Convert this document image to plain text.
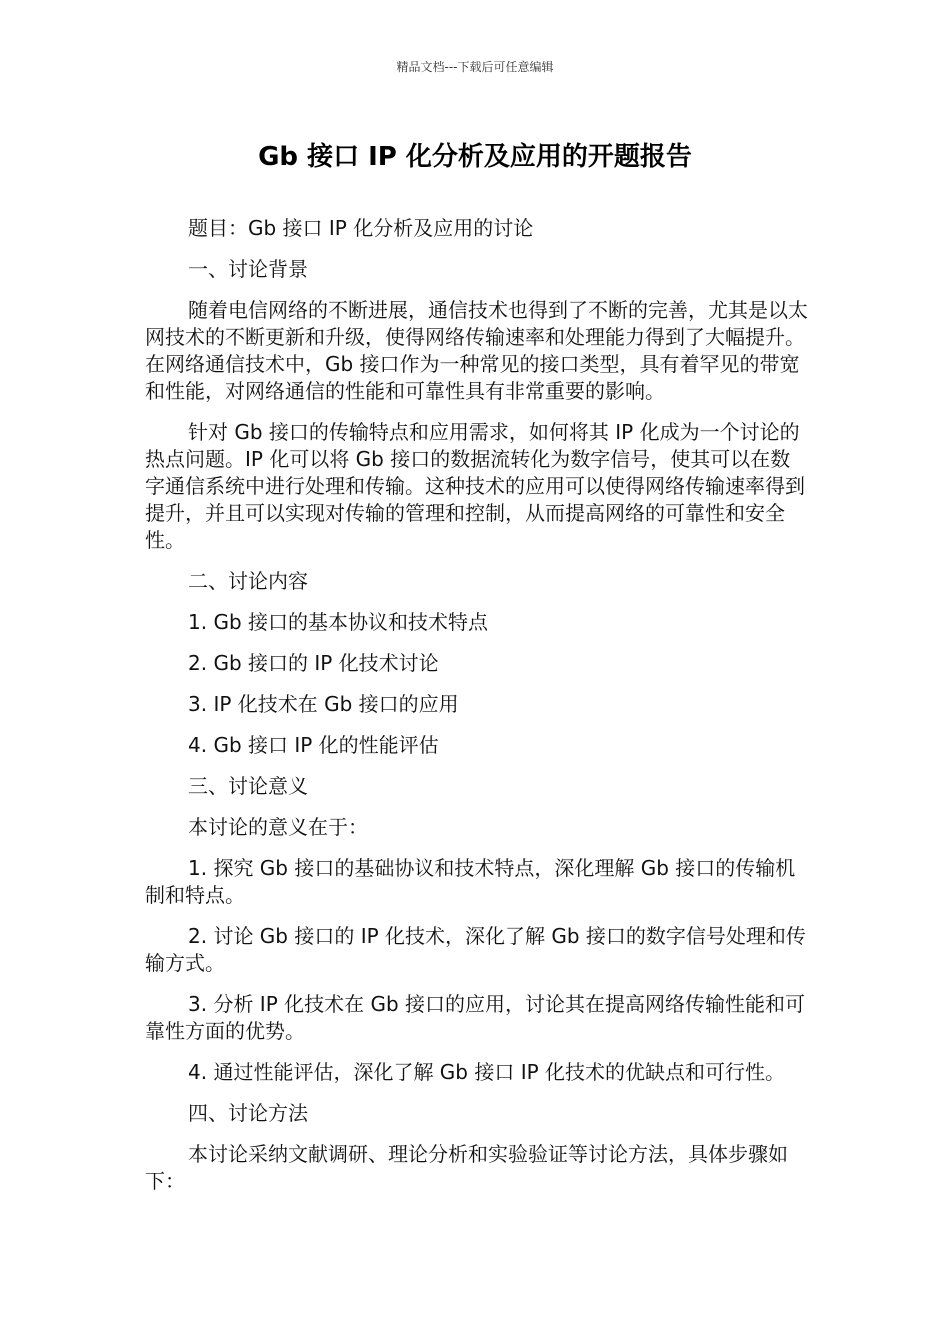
精品文档---下载后可任意编辑
Gb 接口 IP 化分析及应用的开题报告

题目：Gb 接口 IP 化分析及应用的讨论

一、讨论背景

随着电信网络的不断进展，通信技术也得到了不断的完善，尤其是以太网技术的不断更新和升级，使得网络传输速率和处理能力得到了大幅提升。在网络通信技术中，Gb 接口作为一种常见的接口类型，具有着罕见的带宽和性能，对网络通信的性能和可靠性具有非常重要的影响。

针对 Gb 接口的传输特点和应用需求，如何将其 IP 化成为一个讨论的热点问题。IP 化可以将 Gb 接口的数据流转化为数字信号，使其可以在数字通信系统中进行处理和传输。这种技术的应用可以使得网络传输速率得到提升，并且可以实现对传输的管理和控制，从而提高网络的可靠性和安全性。

二、讨论内容

1. Gb 接口的基本协议和技术特点

2. Gb 接口的 IP 化技术讨论

3. IP 化技术在 Gb 接口的应用

4. Gb 接口 IP 化的性能评估

三、讨论意义

本讨论的意义在于：

1. 探究 Gb 接口的基础协议和技术特点，深化理解 Gb 接口的传输机制和特点。

2. 讨论 Gb 接口的 IP 化技术，深化了解 Gb 接口的数字信号处理和传输方式。

3. 分析 IP 化技术在 Gb 接口的应用，讨论其在提高网络传输性能和可靠性方面的优势。

4. 通过性能评估，深化了解 Gb 接口 IP 化技术的优缺点和可行性。

四、讨论方法

本讨论采纳文献调研、理论分析和实验验证等讨论方法，具体步骤如下：
